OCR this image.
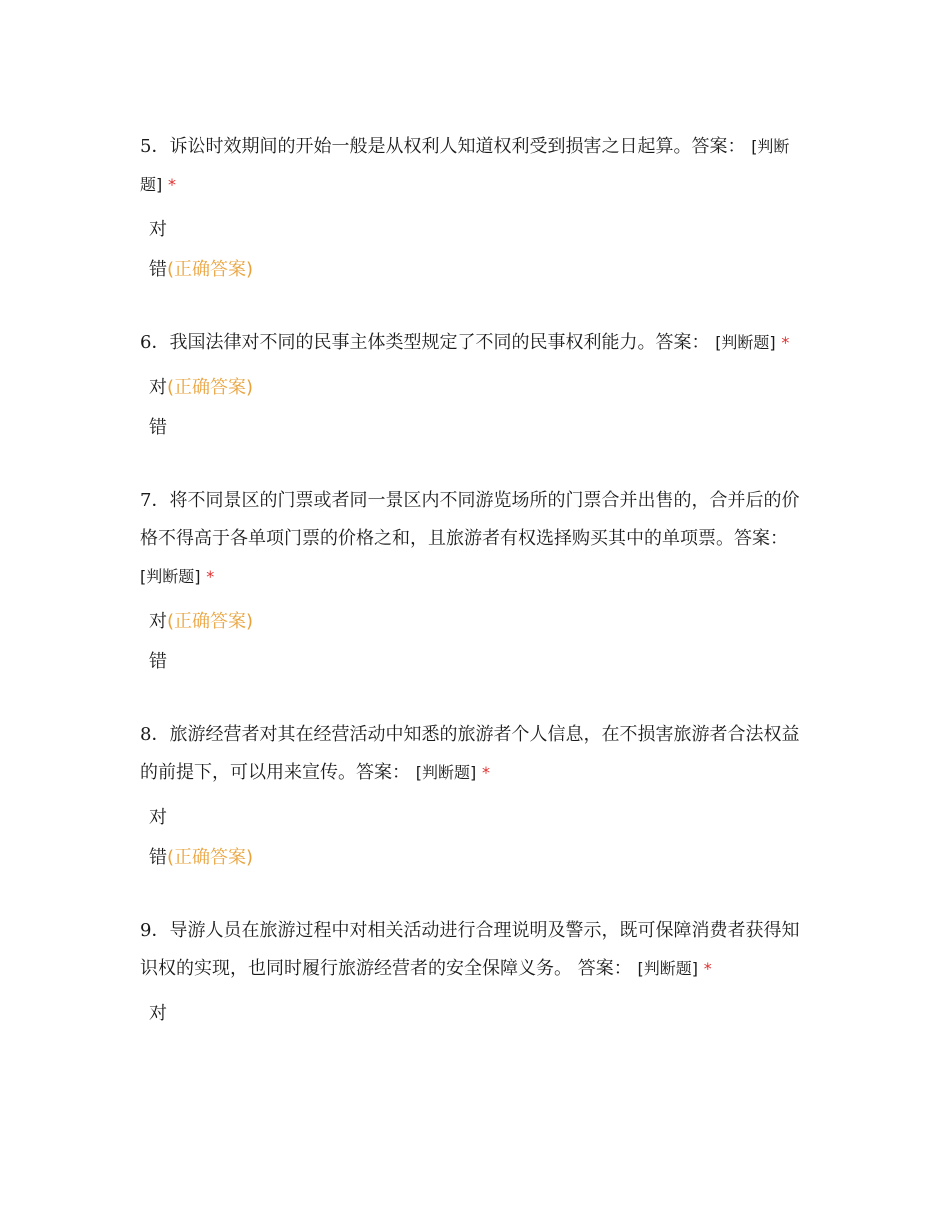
5．诉讼时效期间的开始一般是从权利人知道权利受到损害之日起算。答案： [判断题] *

对
错(正确答案)

6．我国法律对不同的民事主体类型规定了不同的民事权利能力。答案： [判断题] *

对(正确答案)
错

7．将不同景区的门票或者同一景区内不同游览场所的门票合并出售的，合并后的价格不得高于各单项门票的价格之和，且旅游者有权选择购买其中的单项票。答案： [判断题] *

对(正确答案)
错

8．旅游经营者对其在经营活动中知悉的旅游者个人信息，在不损害旅游者合法权益的前提下，可以用来宣传。答案： [判断题] *

对
错(正确答案)

9．导游人员在旅游过程中对相关活动进行合理说明及警示，既可保障消费者获得知识权的实现，也同时履行旅游经营者的安全保障义务。 答案： [判断题] *

对
